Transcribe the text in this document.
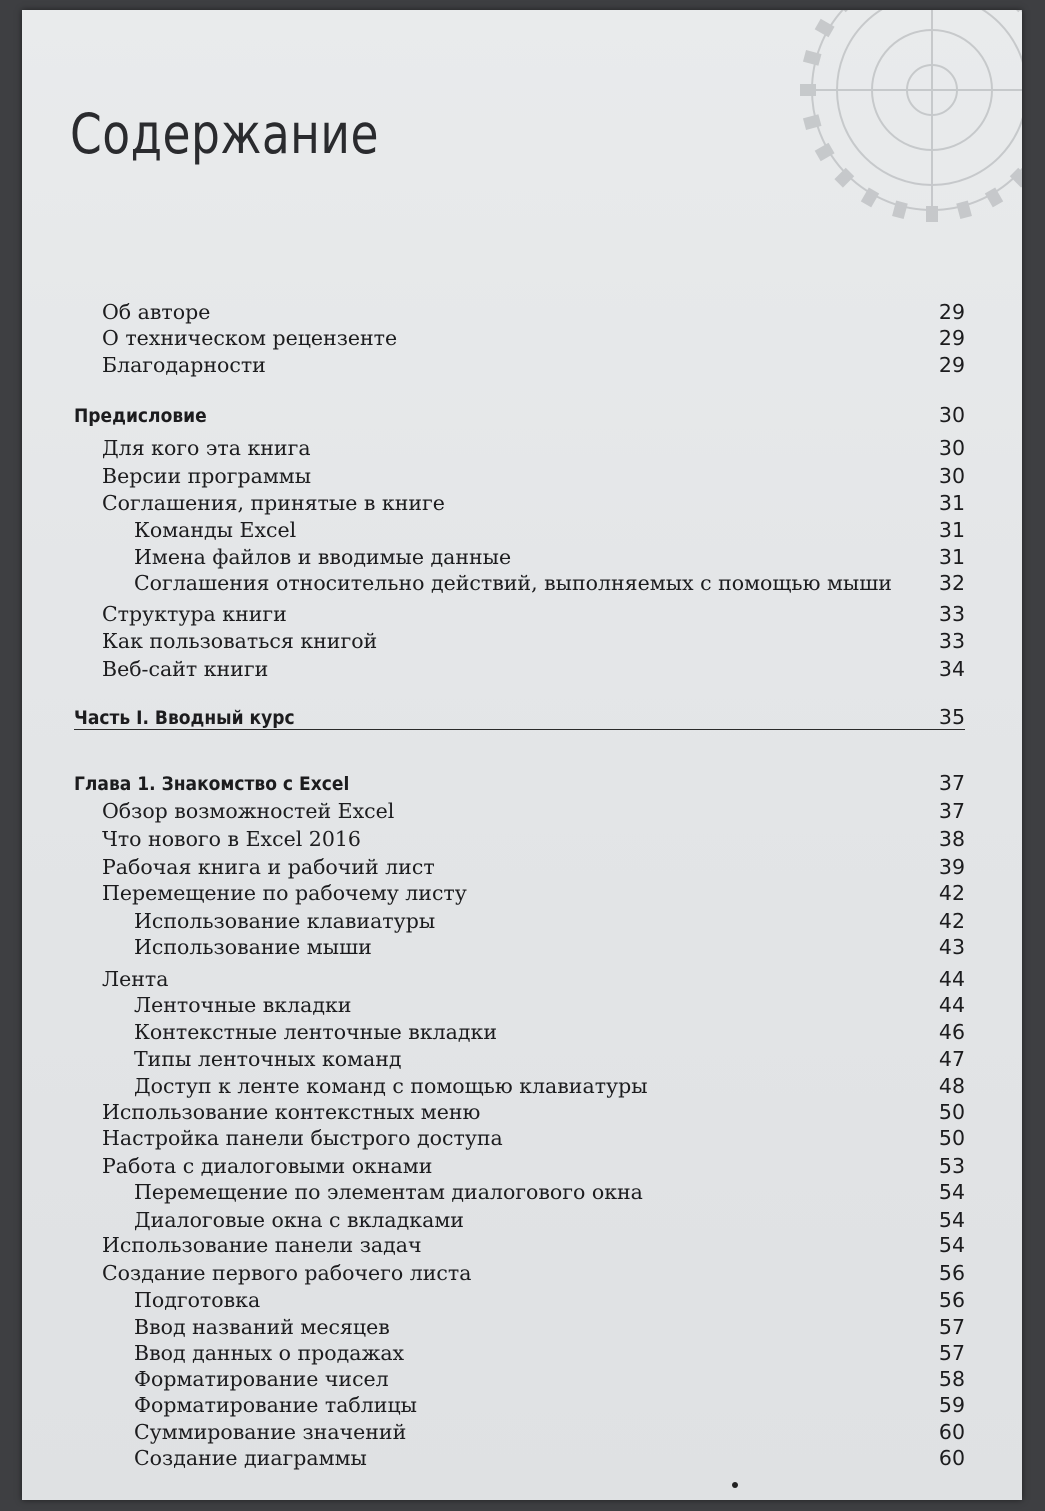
Содержание
Об авторе	29
О техническом рецензенте	29
Благодарности	29
Предисловие	30
Для кого эта книга	30
Версии программы	30
Соглашения, принятые в книге	31
Команды Excel	31
Имена файлов и вводимые данные	31
Соглашения относительно действий, выполняемых с помощью мыши 32
Структура книги	33
Как пользоваться книгой	33
Веб-сайт книги	34
Часть I. Вводный курс	35
Глава 1. Знакомство с Excel	37
Обзор возможностей Excel	37
Что нового в Excel 2016	38
Рабочая книга и рабочий лист	39
Перемещение по рабочему листу	42
Использование клавиатуры	42
Использование мыши	43
Лента	44
Ленточные вкладки	44
Контекстные ленточные вкладки	46
Типы ленточных команд	47
Доступ к ленте команд с помощью клавиатуры	48
Использование контекстных меню	50
Настройка панели быстрого доступа	50
Работа с диалоговыми окнами	53
Перемещение по элементам диалогового окна	54
Диалоговые окна с вкладками	54
Использование панели задач	54
Создание первого рабочего листа	56
Подготовка	56
Ввод названий месяцев	57
Ввод данных о продажах	57
Форматирование чисел	58
Форматирование таблицы	59
Суммирование значений	60
Создание диаграммы	60
